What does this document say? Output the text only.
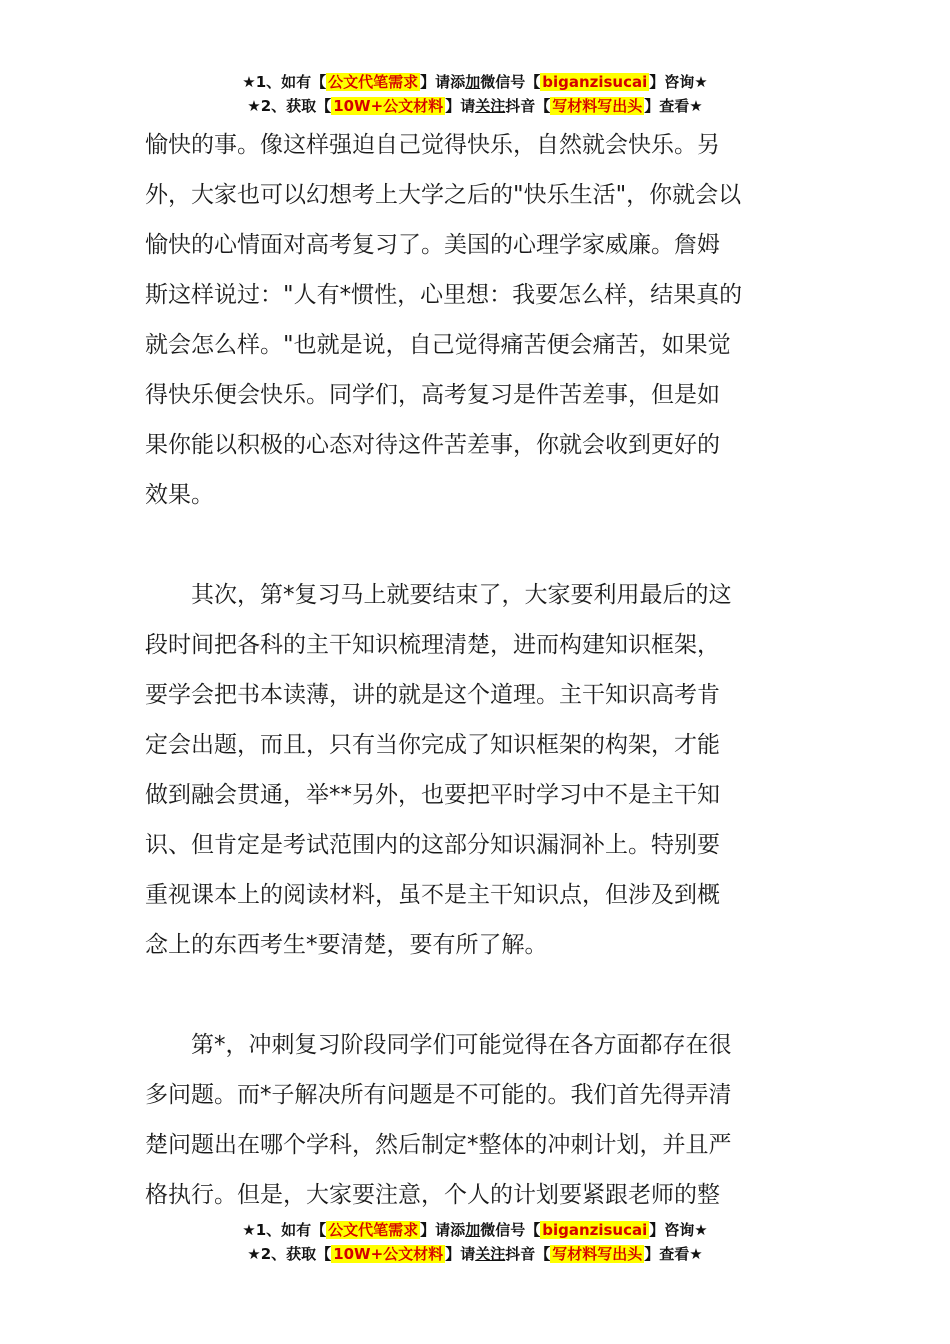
★1、如有【 公文代笔需求 】请添加微信号【 biganzisucai 】咨询★
★2、获取【 10W+公文材料 】请关注抖音【 写材料写出头 】查看★
愉快的事。像这样强迫自己觉得快乐，自然就会快乐。另
外，大家也可以幻想考上大学之后的"快乐生活"，你就会以
愉快的心情面对高考复习了。美国的心理学家威廉。詹姆
斯这样说过："人有*惯性，心里想：我要怎么样，结果真的
就会怎么样。"也就是说，自己觉得痛苦便会痛苦，如果觉
得快乐便会快乐。同学们，高考复习是件苦差事，但是如
果你能以积极的心态对待这件苦差事，你就会收到更好的
效果。
　　其次，第*复习马上就要结束了，大家要利用最后的这
段时间把各科的主干知识梳理清楚，进而构建知识框架，
要学会把书本读薄，讲的就是这个道理。主干知识高考肯
定会出题，而且，只有当你完成了知识框架的构架，才能
做到融会贯通，举**另外，也要把平时学习中不是主干知
识、但肯定是考试范围内的这部分知识漏洞补上。特别要
重视课本上的阅读材料，虽不是主干知识点，但涉及到概
念上的东西考生*要清楚，要有所了解。
　　第*，冲刺复习阶段同学们可能觉得在各方面都存在很
多问题。而*子解决所有问题是不可能的。我们首先得弄清
楚问题出在哪个学科，然后制定*整体的冲刺计划，并且严
格执行。但是，大家要注意，个人的计划要紧跟老师的整
★1、如有【 公文代笔需求 】请添加微信号【 biganzisucai 】咨询★
★2、获取【 10W+公文材料 】请关注抖音【 写材料写出头 】查看★
